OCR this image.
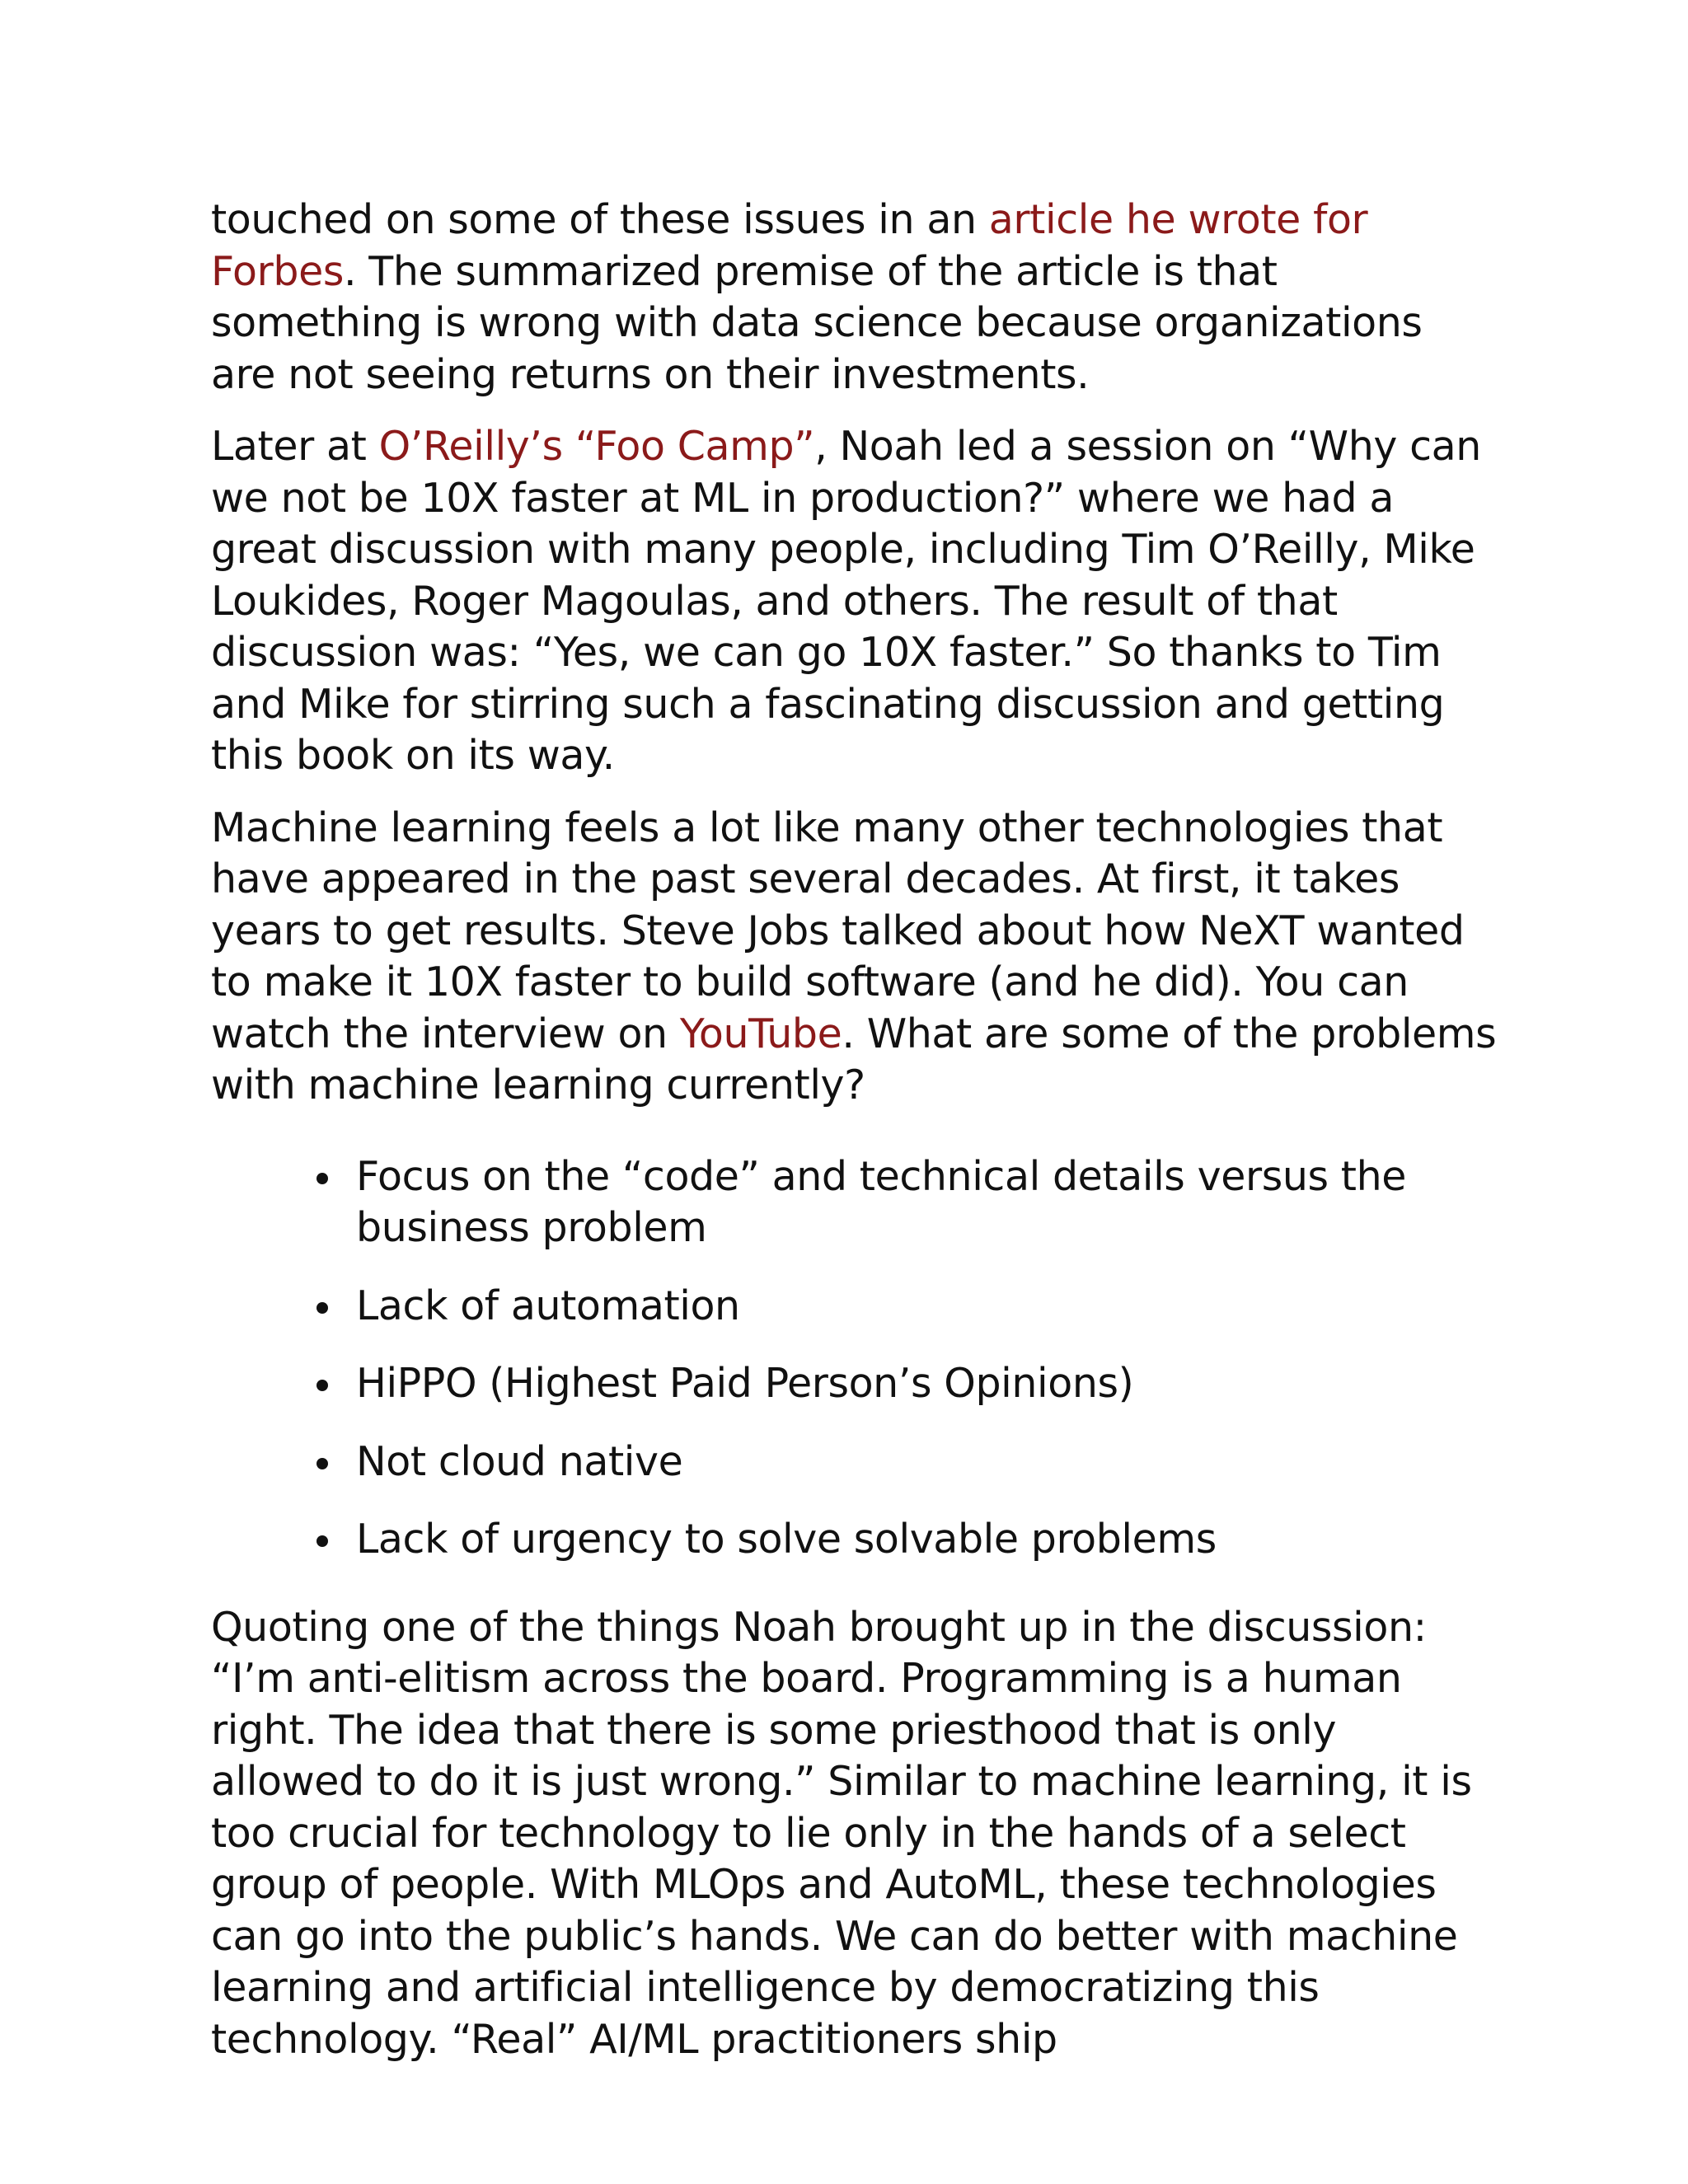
touched on some of these issues in an article he wrote for Forbes. The summarized premise of the article is that something is wrong with data science because organizations are not seeing returns on their investments.

Later at O’Reilly’s “Foo Camp”, Noah led a session on “Why can we not be 10X faster at ML in production?” where we had a great discussion with many people, including Tim O’Reilly, Mike Loukides, Roger Magoulas, and others. The result of that discussion was: “Yes, we can go 10X faster.” So thanks to Tim and Mike for stirring such a fascinating discussion and getting this book on its way.

Machine learning feels a lot like many other technologies that have appeared in the past several decades. At first, it takes years to get results. Steve Jobs talked about how NeXT wanted to make it 10X faster to build software (and he did). You can watch the interview on YouTube. What are some of the problems with machine learning currently?

Focus on the “code” and technical details versus the business problem
Lack of automation
HiPPO (Highest Paid Person’s Opinions)
Not cloud native
Lack of urgency to solve solvable problems

Quoting one of the things Noah brought up in the discussion: “I’m anti-elitism across the board. Programming is a human right. The idea that there is some priesthood that is only allowed to do it is just wrong.” Similar to machine learning, it is too crucial for technology to lie only in the hands of a select group of people. With MLOps and AutoML, these technologies can go into the public’s hands. We can do better with machine learning and artificial intelligence by democratizing this technology. “Real” AI/ML practitioners ship
